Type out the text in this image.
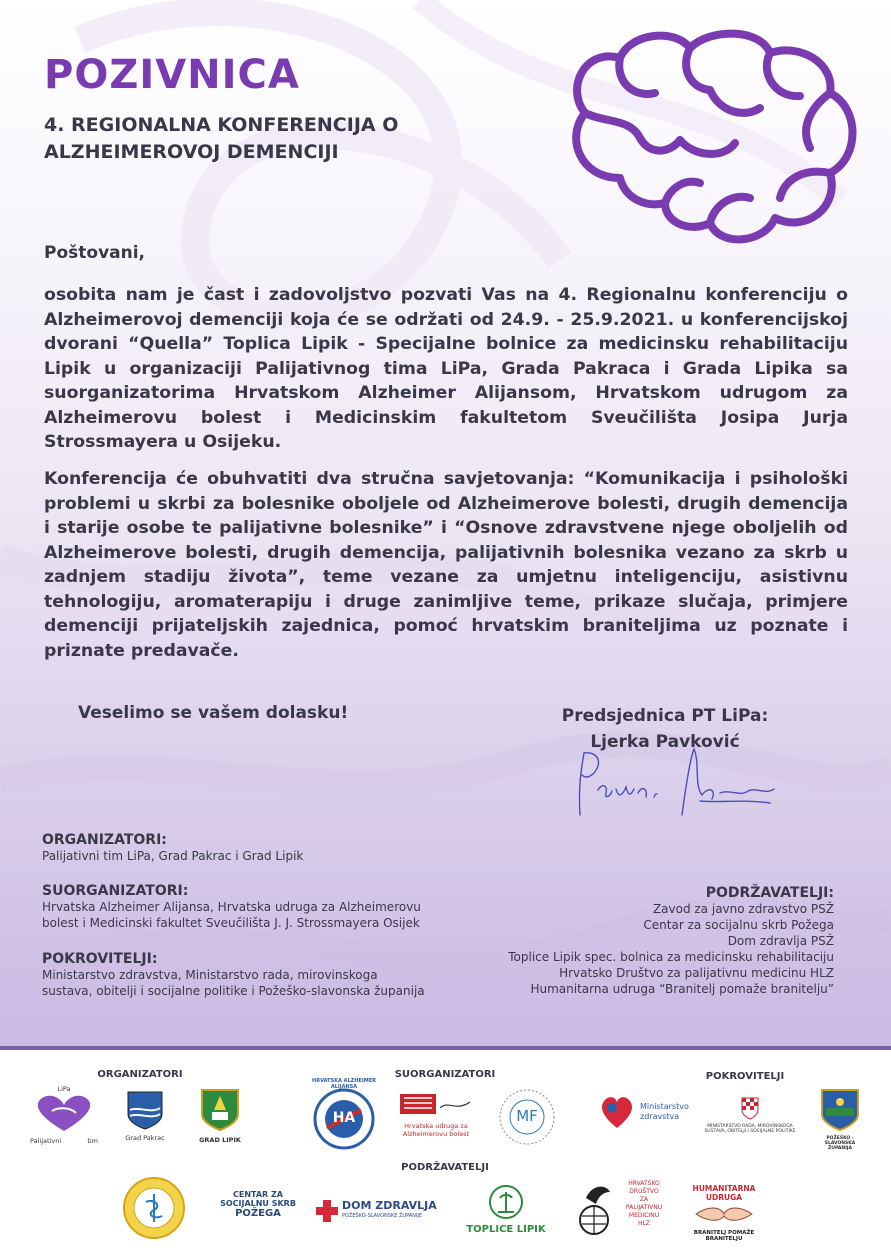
POZIVNICA
4. REGIONALNA KONFERENCIJA O ALZHEIMEROVOJ DEMENCIJI
Poštovani,
osobita nam je čast i zadovoljstvo pozvati Vas na 4. Regionalnu konferenciju o Alzheimerovoj demenciji koja će se održati od 24.9. - 25.9.2021. u konferencijskoj dvorani “Quella” Toplica Lipik - Specijalne bolnice za medicinsku rehabilitaciju Lipik u organizaciji Palijativnog tima LiPa, Grada Pakraca i Grada Lipika sa suorganizatorima Hrvatskom Alzheimer Alijansom, Hrvatskom udrugom za Alzheimerovu bolest i Medicinskim fakultetom Sveučilišta Josipa Jurja Strossmayera u Osijeku.
Konferencija će obuhvatiti dva stručna savjetovanja: “Komunikacija i psihološki problemi u skrbi za bolesnike oboljele od Alzheimerove bolesti, drugih demencija i starije osobe te palijativne bolesnike” i “Osnove zdravstvene njege oboljelih od Alzheimerove bolesti, drugih demencija, palijativnih bolesnika vezano za skrb u zadnjem stadiju života”, teme vezane za umjetnu inteligenciju, asistivnu tehnologiju, aromaterapiju i druge zanimljive teme, prikaze slučaja, primjere demenciji prijateljskih zajednica, pomoć hrvatskim braniteljima uz poznate i priznate predavače.
Veselimo se vašem dolasku!	Predsjednica PT LiPa:
Ljerka Pavković
ORGANIZATORI:
Palijativni tim LiPa, Grad Pakrac i Grad Lipik
SUORGANIZATORI:
Hrvatska Alzheimer Alijansa, Hrvatska udruga za Alzheimerovu
bolest i Medicinski fakultet Sveučilišta J. J. Strossmayera Osijek
POKROVITELJI:
Ministarstvo zdravstva, Ministarstvo rada, mirovinskoga
sustava, obitelji i socijalne politike i Požeško-slavonska županija
PODRŽAVATELJI:
Zavod za javno zdravstvo PSŽ
Centar za socijalnu skrb Požega
Dom zdravlja PSŽ
Toplice Lipik spec. bolnica za medicinsku rehabilitaciju
Hrvatsko Društvo za palijativnu medicinu HLZ
Humanitarna udruga “Branitelj pomaže branitelju”
ORGANIZATORI	SUORGANIZATORI	POKROVITELJI
PODRŽAVATELJI
LiPa
Palijativni	tim	Grad Pakrac	GRAD LIPIK
HA
HRVATSKA ALZHEIMER ALIJANSA
Hrvatska udruga za
Alzheimerovu bolest
MF
Ministarstvo
zdravstva
MINISTARSTVO RADA, MIROVINSKOGA
SUSTAVA, OBITELJI I SOCIJALNE POLITIKE
POŽEŠKO - SLAVONSKA
ŽUPANIJA
CENTAR ZA
SOCIJALNU SKRB
POŽEGA
DOM ZDRAVLJA
POŽEŠKO-SLAVONSKE ŽUPANIJE
TOPLICE LIPIK
HRVATSKO
DRUŠTVO
ZA
PALIJATIVNU
MEDICINU
HLZ
HUMANITARNA UDRUGA
BRANITELJ POMAŽE BRANITELJU
